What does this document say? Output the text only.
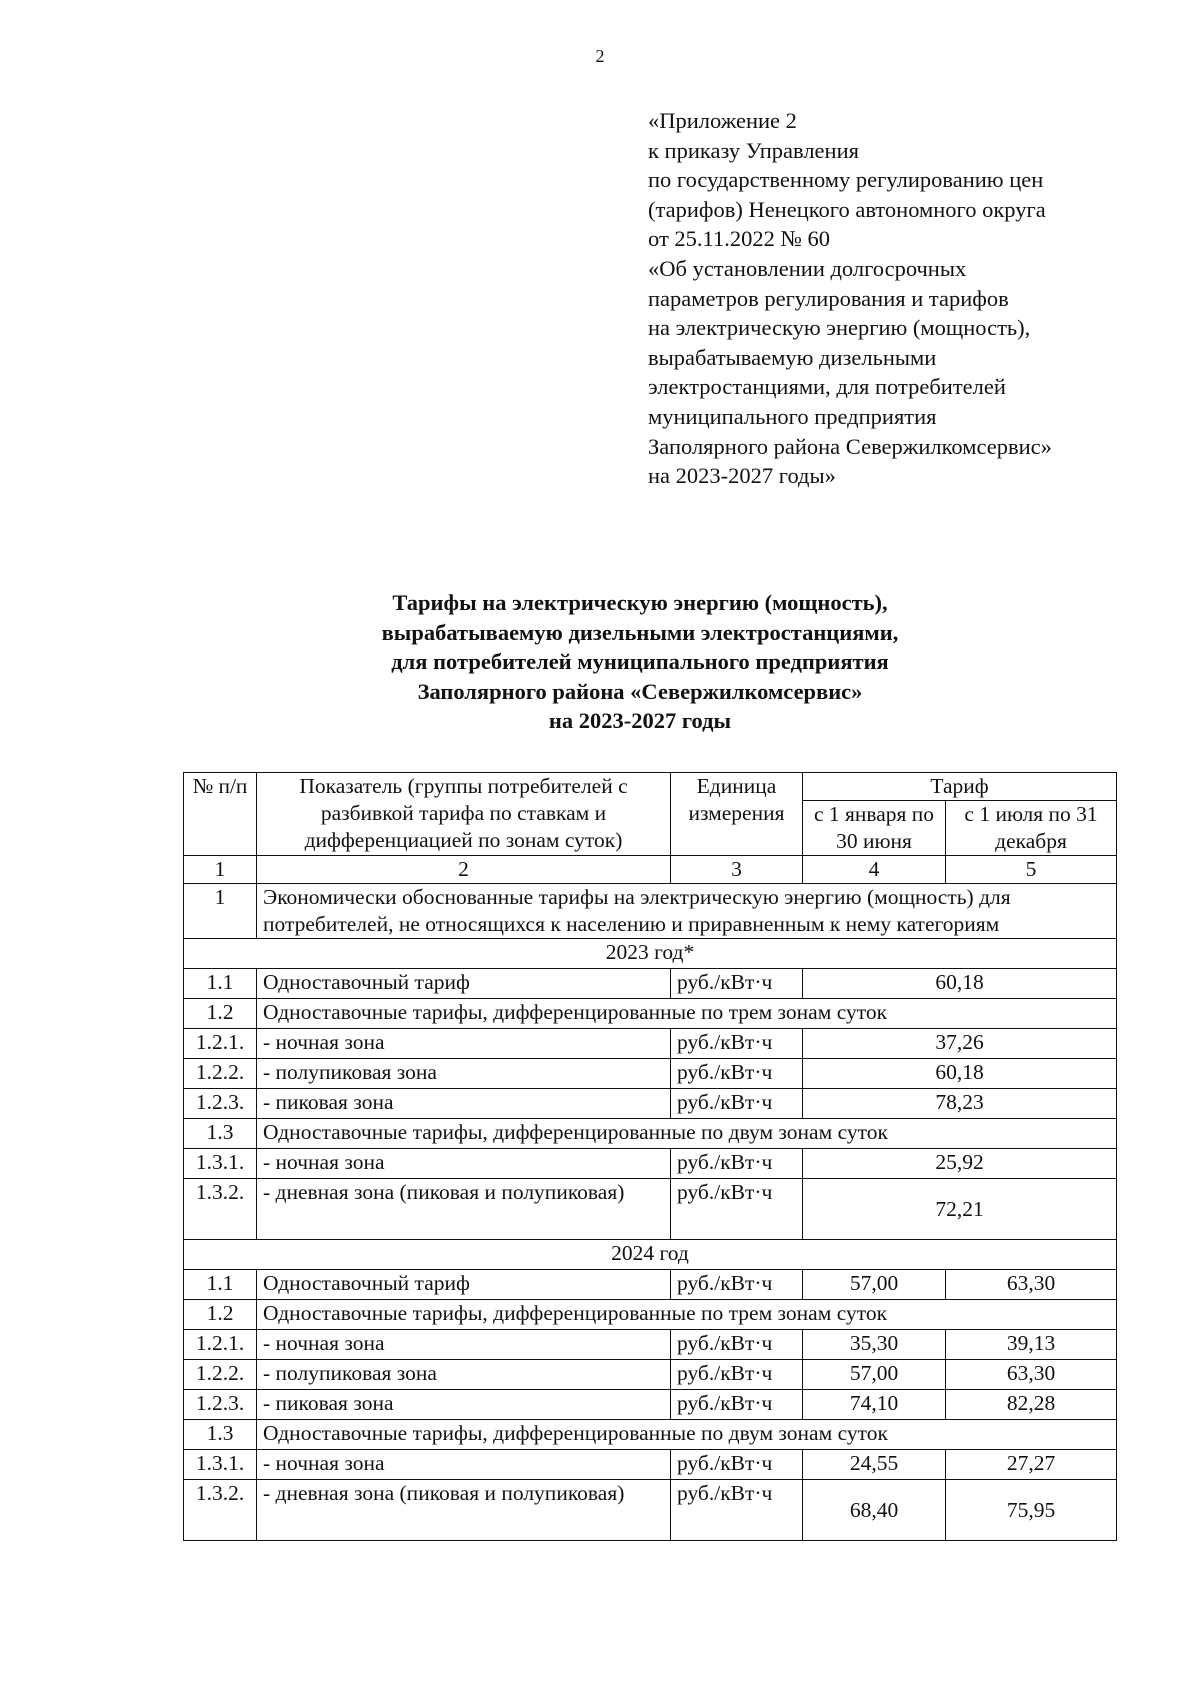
2
«Приложение 2
к приказу Управления
по государственному регулированию цен
(тарифов) Ненецкого автономного округа
от 25.11.2022 № 60
«Об установлении долгосрочных
параметров регулирования и тарифов
на электрическую энергию (мощность),
вырабатываемую дизельными
электростанциями, для потребителей
муниципального предприятия
Заполярного района Севержилкомсервис»
на 2023-2027 годы»
Тарифы на электрическую энергию (мощность),
вырабатываемую дизельными электростанциями,
для потребителей муниципального предприятия
Заполярного района «Севержилкомсервис»
на 2023-2027 годы
№ п/п	Показатель (группы потребителей с разбивкой тарифа по ставкам и дифференциацией по зонам суток)	Единица измерения	Тариф	
			с 1 января по 30 июня	с 1 июля по 31 декабря
1	2	3	4	5
1	Экономически обоснованные тарифы на электрическую энергию (мощность) для потребителей, не относящихся к населению и приравненным к нему категориям			
2023 год*				
1.1	Одноставочный тариф	руб./кВт·ч	60,18	
1.2	Одноставочные тарифы, дифференцированные по трем зонам суток			
1.2.1.	- ночная зона	руб./кВт·ч	37,26	
1.2.2.	- полупиковая зона	руб./кВт·ч	60,18	
1.2.3.	- пиковая зона	руб./кВт·ч	78,23	
1.3	Одноставочные тарифы, дифференцированные по двум зонам суток			
1.3.1.	- ночная зона	руб./кВт·ч	25,92	
1.3.2.	- дневная зона (пиковая и полупиковая)	руб./кВт·ч	72,21	
2024 год				
1.1	Одноставочный тариф	руб./кВт·ч	57,00	63,30
1.2	Одноставочные тарифы, дифференцированные по трем зонам суток			
1.2.1.	- ночная зона	руб./кВт·ч	35,30	39,13
1.2.2.	- полупиковая зона	руб./кВт·ч	57,00	63,30
1.2.3.	- пиковая зона	руб./кВт·ч	74,10	82,28
1.3	Одноставочные тарифы, дифференцированные по двум зонам суток			
1.3.1.	- ночная зона	руб./кВт·ч	24,55	27,27
1.3.2.	- дневная зона (пиковая и полупиковая)	руб./кВт·ч	68,40	75,95
